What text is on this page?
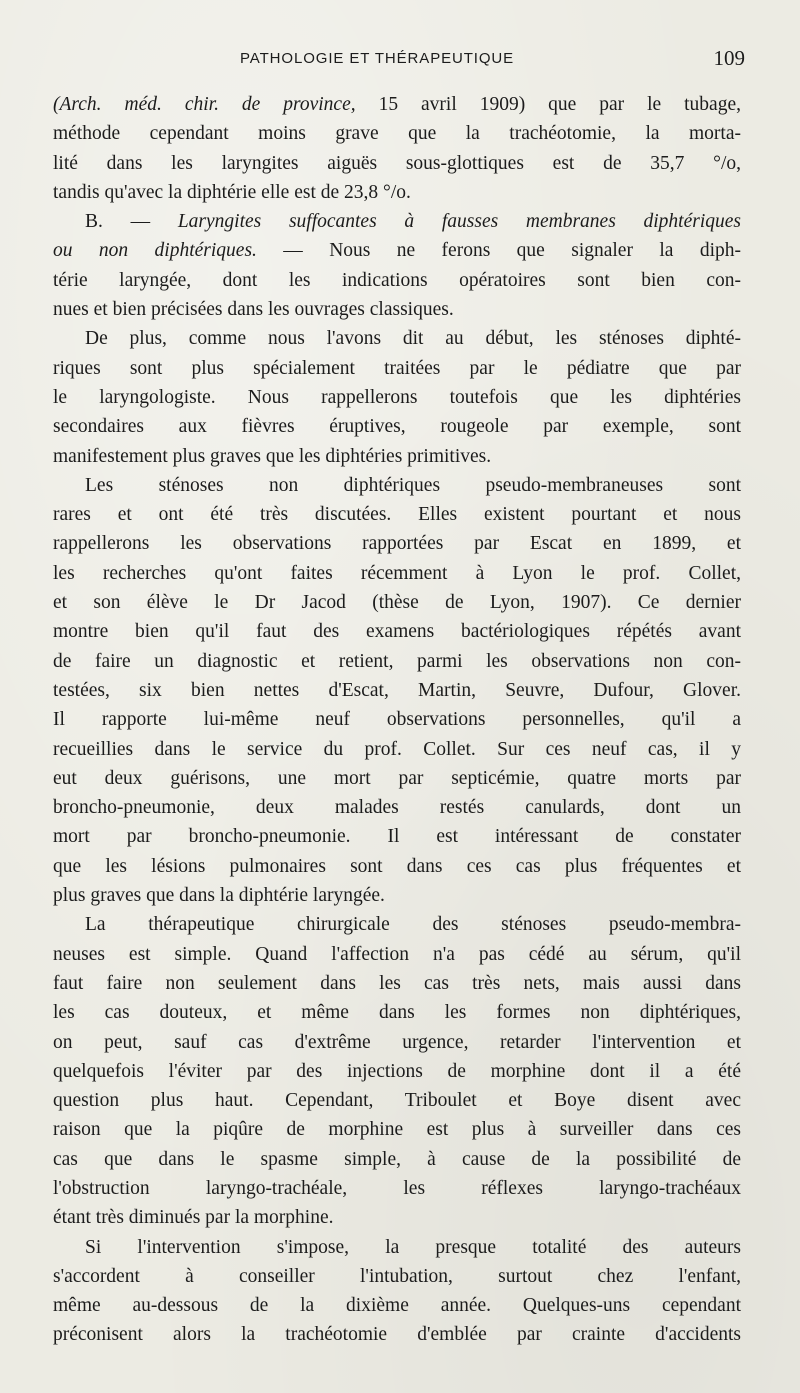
PATHOLOGIE ET THÉRAPEUTIQUE	109
(Arch. méd. chir. de province, 15 avril 1909) que par le tubage,
méthode cependant moins grave que la trachéotomie, la morta-
lité dans les laryngites aiguës sous-glottiques est de 35,7 °/o,
tandis qu'avec la diphtérie elle est de 23,8 °/o.
B. — Laryngites suffocantes à fausses membranes diphtériques
ou non diphtériques. — Nous ne ferons que signaler la diph-
térie laryngée, dont les indications opératoires sont bien con-
nues et bien précisées dans les ouvrages classiques.
De plus, comme nous l'avons dit au début, les sténoses diphté-
riques sont plus spécialement traitées par le pédiatre que par
le laryngologiste. Nous rappellerons toutefois que les diphtéries
secondaires aux fièvres éruptives, rougeole par exemple, sont
manifestement plus graves que les diphtéries primitives.
Les sténoses non diphtériques pseudo-membraneuses sont
rares et ont été très discutées. Elles existent pourtant et nous
rappellerons les observations rapportées par Escat en 1899, et
les recherches qu'ont faites récemment à Lyon le prof. Collet,
et son élève le Dr Jacod (thèse de Lyon, 1907). Ce dernier
montre bien qu'il faut des examens bactériologiques répétés avant
de faire un diagnostic et retient, parmi les observations non con-
testées, six bien nettes d'Escat, Martin, Seuvre, Dufour, Glover.
Il rapporte lui-même neuf observations personnelles, qu'il a
recueillies dans le service du prof. Collet. Sur ces neuf cas, il y
eut deux guérisons, une mort par septicémie, quatre morts par
broncho-pneumonie, deux malades restés canulards, dont un
mort par broncho-pneumonie. Il est intéressant de constater
que les lésions pulmonaires sont dans ces cas plus fréquentes et
plus graves que dans la diphtérie laryngée.
La thérapeutique chirurgicale des sténoses pseudo-membra-
neuses est simple. Quand l'affection n'a pas cédé au sérum, qu'il
faut faire non seulement dans les cas très nets, mais aussi dans
les cas douteux, et même dans les formes non diphtériques,
on peut, sauf cas d'extrême urgence, retarder l'intervention et
quelquefois l'éviter par des injections de morphine dont il a été
question plus haut. Cependant, Triboulet et Boye disent avec
raison que la piqûre de morphine est plus à surveiller dans ces
cas que dans le spasme simple, à cause de la possibilité de
l'obstruction laryngo-trachéale, les réflexes laryngo-trachéaux
étant très diminués par la morphine.
Si l'intervention s'impose, la presque totalité des auteurs
s'accordent à conseiller l'intubation, surtout chez l'enfant,
même au-dessous de la dixième année. Quelques-uns cependant
préconisent alors la trachéotomie d'emblée par crainte d'accidents
